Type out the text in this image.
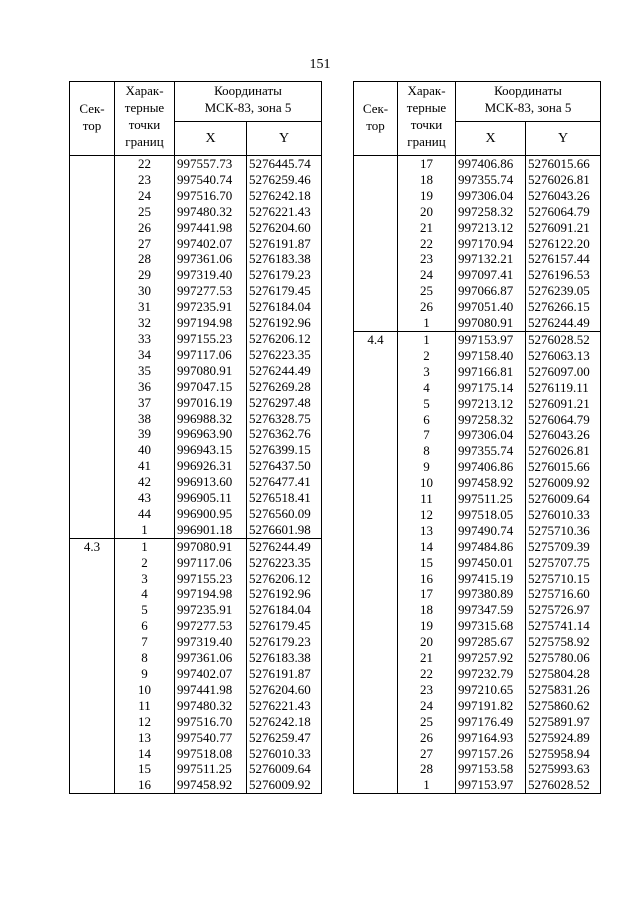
151
Сек-
тор	Харак-
терные
точки
границ	Координаты
МСК-83, зона 5	
		X	Y
	22	997557.73	5276445.74
	23	997540.74	5276259.46
	24	997516.70	5276242.18
	25	997480.32	5276221.43
	26	997441.98	5276204.60
	27	997402.07	5276191.87
	28	997361.06	5276183.38
	29	997319.40	5276179.23
	30	997277.53	5276179.45
	31	997235.91	5276184.04
	32	997194.98	5276192.96
	33	997155.23	5276206.12
	34	997117.06	5276223.35
	35	997080.91	5276244.49
	36	997047.15	5276269.28
	37	997016.19	5276297.48
	38	996988.32	5276328.75
	39	996963.90	5276362.76
	40	996943.15	5276399.15
	41	996926.31	5276437.50
	42	996913.60	5276477.41
	43	996905.11	5276518.41
	44	996900.95	5276560.09
	1	996901.18	5276601.98
4.3	1	997080.91	5276244.49
	2	997117.06	5276223.35
	3	997155.23	5276206.12
	4	997194.98	5276192.96
	5	997235.91	5276184.04
	6	997277.53	5276179.45
	7	997319.40	5276179.23
	8	997361.06	5276183.38
	9	997402.07	5276191.87
	10	997441.98	5276204.60
	11	997480.32	5276221.43
	12	997516.70	5276242.18
	13	997540.77	5276259.47
	14	997518.08	5276010.33
	15	997511.25	5276009.64
	16	997458.92	5276009.92
Сек-
тор	Харак-
терные
точки
границ	Координаты
МСК-83, зона 5	
		X	Y
	17	997406.86	5276015.66
	18	997355.74	5276026.81
	19	997306.04	5276043.26
	20	997258.32	5276064.79
	21	997213.12	5276091.21
	22	997170.94	5276122.20
	23	997132.21	5276157.44
	24	997097.41	5276196.53
	25	997066.87	5276239.05
	26	997051.40	5276266.15
	1	997080.91	5276244.49
4.4	1	997153.97	5276028.52
	2	997158.40	5276063.13
	3	997166.81	5276097.00
	4	997175.14	5276119.11
	5	997213.12	5276091.21
	6	997258.32	5276064.79
	7	997306.04	5276043.26
	8	997355.74	5276026.81
	9	997406.86	5276015.66
	10	997458.92	5276009.92
	11	997511.25	5276009.64
	12	997518.05	5276010.33
	13	997490.74	5275710.36
	14	997484.86	5275709.39
	15	997450.01	5275707.75
	16	997415.19	5275710.15
	17	997380.89	5275716.60
	18	997347.59	5275726.97
	19	997315.68	5275741.14
	20	997285.67	5275758.92
	21	997257.92	5275780.06
	22	997232.79	5275804.28
	23	997210.65	5275831.26
	24	997191.82	5275860.62
	25	997176.49	5275891.97
	26	997164.93	5275924.89
	27	997157.26	5275958.94
	28	997153.58	5275993.63
	1	997153.97	5276028.52
